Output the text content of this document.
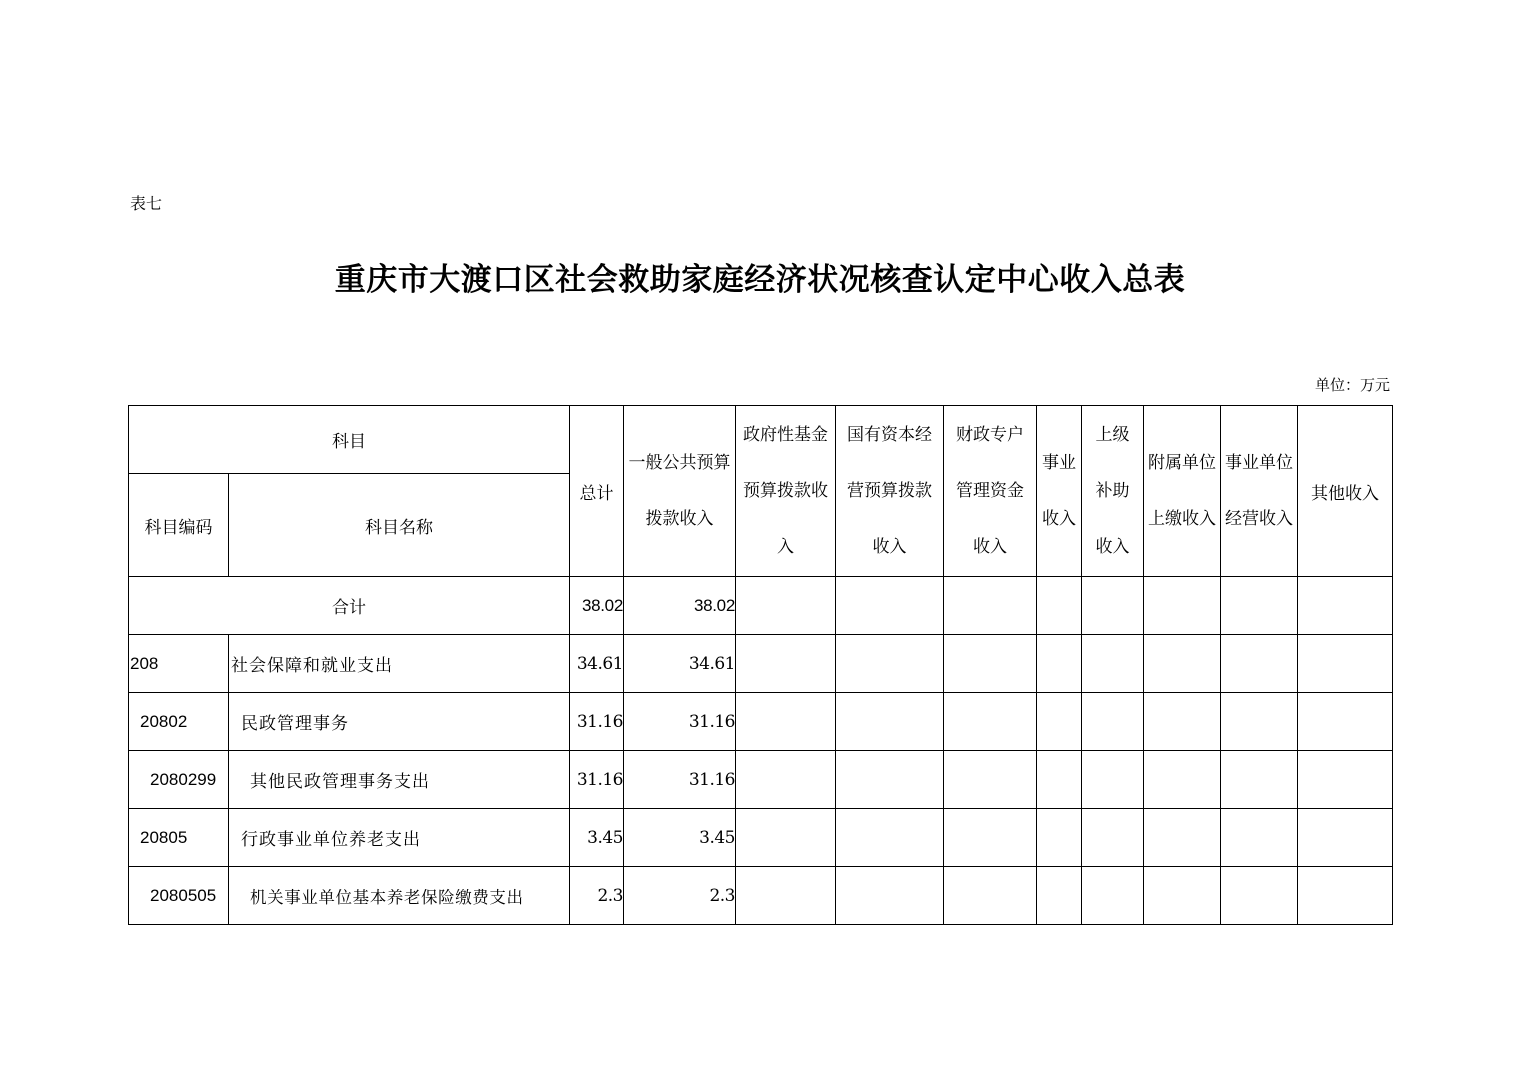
表七
重庆市大渡口区社会救助家庭经济状况核查认定中心收入总表
单位：万元
科目		总计	一般公共预算拨款收入	政府性基金预算拨款收入	国有资本经营预算拨款收入	财政专户管理资金收入	事业收入	上级补助收入	附属单位上缴收入	事业单位经营收入	其他收入
科目编码	科目名称										
合计		38.02	38.02								
208	社会保障和就业支出	34.61	34.61								
20802	民政管理事务	31.16	31.16								
2080299	其他民政管理事务支出	31.16	31.16								
20805	行政事业单位养老支出	3.45	3.45								
2080505	机关事业单位基本养老保险缴费支出	2.3	2.3								
